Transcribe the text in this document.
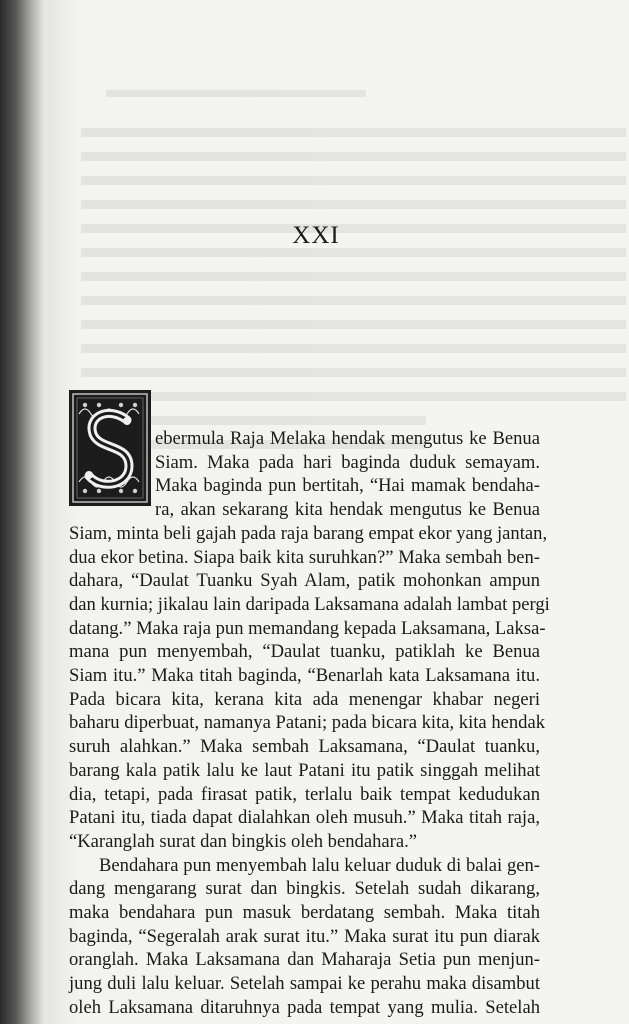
XXI

ebermula Raja Melaka hendak mengutus ke Benua
Siam. Maka pada hari baginda duduk semayam.
Maka baginda pun bertitah, “Hai mamak bendaha-
ra, akan sekarang kita hendak mengutus ke Benua
Siam, minta beli gajah pada raja barang empat ekor yang jantan,
dua ekor betina. Siapa baik kita suruhkan?” Maka sembah ben-
dahara, “Daulat Tuanku Syah Alam, patik mohonkan ampun
dan kurnia; jikalau lain daripada Laksamana adalah lambat pergi
datang.” Maka raja pun memandang kepada Laksamana, Laksa-
mana pun menyembah, “Daulat tuanku, patiklah ke Benua
Siam itu.” Maka titah baginda, “Benarlah kata Laksamana itu.
Pada bicara kita, kerana kita ada menengar khabar negeri
baharu diperbuat, namanya Patani; pada bicara kita, kita hendak
suruh alahkan.” Maka sembah Laksamana, “Daulat tuanku,
barang kala patik lalu ke laut Patani itu patik singgah melihat
dia, tetapi, pada firasat patik, terlalu baik tempat kedudukan
Patani itu, tiada dapat dialahkan oleh musuh.” Maka titah raja,
“Karanglah surat dan bingkis oleh bendahara.”

Bendahara pun menyembah lalu keluar duduk di balai gen-
dang mengarang surat dan bingkis. Setelah sudah dikarang,
maka bendahara pun masuk berdatang sembah. Maka titah
baginda, “Segeralah arak surat itu.” Maka surat itu pun diarak
oranglah. Maka Laksamana dan Maharaja Setia pun menjun-
jung duli lalu keluar. Setelah sampai ke perahu maka disambut
oleh Laksamana ditaruhnya pada tempat yang mulia. Setelah
